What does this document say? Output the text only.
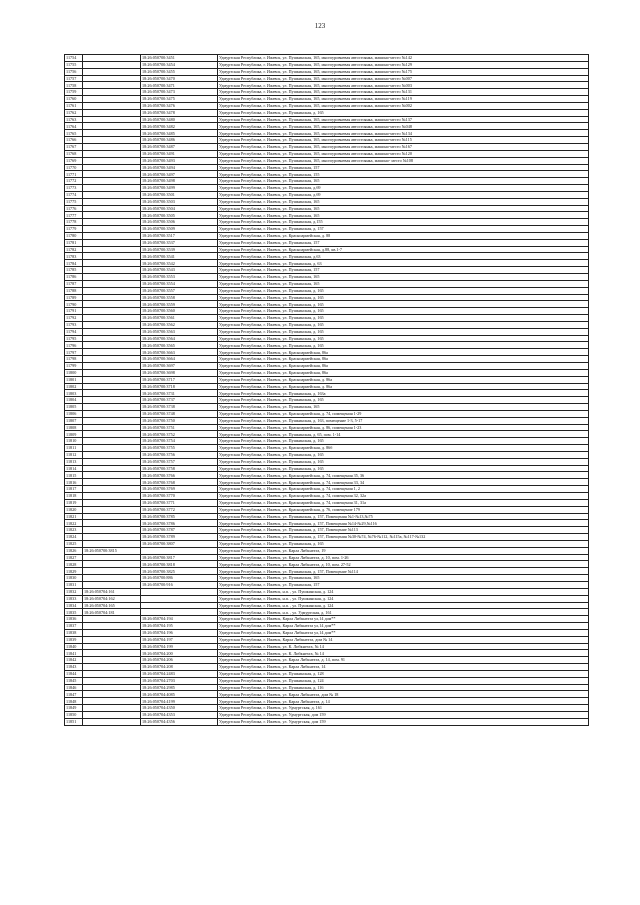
123
11754		18:26:050700:3451	Удмуртская Республика, г. Ижевск, ул. Пушкинская, 165, многоуровневая автостоянка, машино-место №142
11755		18:26:050700:3454	Удмуртская Республика, г. Ижевск, ул. Пушкинская, 165, многоуровневая автостоянка, машино-место №129
11756		18:26:050700:3455	Удмуртская Республика, г. Ижевск, ул. Пушкинская, 165, многоуровневая автостоянка, машино-место №175
11757		18:26:050700:3470	Удмуртская Республика, г. Ижевск, ул. Пушкинская, 165, многоуровневая автостоянка, машино-место №007
11758		18:26:050700:3471	Удмуртская Республика, г. Ижевск, ул. Пушкинская, 165, многоуровневая автостоянка, машино-место №003
11759		18:26:050700:3473	Удмуртская Республика, г. Ижевск, ул. Пушкинская, 165, многоуровневая автостоянка, машино-место №131
11760		18:26:050700:3475	Удмуртская Республика, г. Ижевск, ул. Пушкинская, 165, многоуровневая автостоянка, машино-место №119
11761		18:26:050700:3476	Удмуртская Республика, г. Ижевск, ул. Пушкинская, 165, многоуровневая автостоянка, машино-место №002
11762		18:26:050700:3478	Удмуртская Республика, г. Ижевск, ул. Пушкинская, д. 165
11763		18:26:050700:3480	Удмуртская Республика, г. Ижевск, ул. Пушкинская, 165, многоуровневая автостоянка, машино-место №137
11764		18:26:050700:3482	Удмуртская Республика, г. Ижевск, ул. Пушкинская, 165, многоуровневая автостоянка, машино-место №048
11765		18:26:050700:3485	Удмуртская Республика, г. Ижевск, ул. Пушкинская, 165, многоуровневая автостоянка, машино-место №134
11766		18:26:050700:3486	Удмуртская Республика, г. Ижевск, ул. Пушкинская, 165, многоуровневая автостоянка, машино-место №115
11767		18:26:050700:3487	Удмуртская Республика, г. Ижевск, ул. Пушкинская, 165, многоуровневая автостоянка, машино-место №167
11768		18:26:050700:3491	Удмуртская Республика, г. Ижевск, ул. Пушкинская, 165, многоуровневая автостоянка, машино-место №120
11769		18:26:050700:3493	Удмуртская Республика, г. Ижевск, ул. Пушкинская, 165, многоуровневая автостоянка, машино- место №108
11770		18:26:050700:3494	Удмуртская Республика, г. Ижевск, ул. Пушкинская, 157
11771		18:26:050700:3497	Удмуртская Республика, г. Ижевск, ул. Пушкинская, 155
11772		18:26:050700:3498	Удмуртская Республика, г. Ижевск, ул. Пушкинская, 165
11773		18:26:050700:3499	Удмуртская Республика, г. Ижевск, ул. Пушкинская, д.69
11774		18:26:050700:3501	Удмуртская Республика, г. Ижевск, ул. Пушкинская, д.69
11775		18:26:050700:3503	Удмуртская Республика, г. Ижевск, ул. Пушкинская, 165
11776		18:26:050700:3504	Удмуртская Республика, г. Ижевск, ул. Пушкинская, 165
11777		18:26:050700:3505	Удмуртская Республика, г. Ижевск, ул. Пушкинская, 165
11778		18:26:050700:3506	Удмуртская Республика, г. Ижевск, ул. Пушкинская, д.155
11779		18:26:050700:3509	Удмуртская Республика, г. Ижевск, ул. Пушкинская, д. 157
11780		18:26:050700:3517	Удмуртская Республика, г. Ижевск, ул. Красноармейская, д. 88
11781		18:26:050700:3537	Удмуртская Республика, г. Ижевск, ул. Пушкинская, 157
11782		18:26:050700:3539	Удмуртская Республика, г. Ижевск, ул. Красноармейская, д.88, кв.1-7
11783		18:26:050700:3541	Удмуртская Республика, г. Ижевск, ул. Пушкинская, д.63
11784		18:26:050700:3542	Удмуртская Республика, г. Ижевск, ул. Пушкинская, д. 63
11785		18:26:050700:3543	Удмуртская Республика, г. Ижевск, ул. Пушкинская, 157
11786		18:26:050700:3553	Удмуртская Республика, г. Ижевск, ул. Пушкинская, 165
11787		18:26:050700:3554	Удмуртская Республика, г. Ижевск, ул. Пушкинская, 165
11788		18:26:050700:3557	Удмуртская Республика, г. Ижевск, ул. Пушкинская, д. 165
11789		18:26:050700:3558	Удмуртская Республика, г. Ижевск, ул. Пушкинская, д. 165
11790		18:26:050700:3559	Удмуртская Республика, г. Ижевск, ул. Пушкинская, д. 165
11791		18:26:050700:3560	Удмуртская Республика, г. Ижевск, ул. Пушкинская, д. 165
11792		18:26:050700:3561	Удмуртская Республика, г. Ижевск, ул. Пушкинская, д. 165
11793		18:26:050700:3562	Удмуртская Республика, г. Ижевск, ул. Пушкинская, д. 165
11794		18:26:050700:3563	Удмуртская Республика, г. Ижевск, ул. Пушкинская, д. 165
11795		18:26:050700:3564	Удмуртская Республика, г. Ижевск, ул. Пушкинская, д. 165
11796		18:26:050700:3565	Удмуртская Республика, г. Ижевск, ул. Пушкинская, д. 165
11797		18:26:050700:3663	Удмуртская Республика, г. Ижевск, ул. Красноармейская, 86а
11798		18:26:050700:3664	Удмуртская Республика, г. Ижевск, ул. Красноармейская, 86а
11799		18:26:050700:3697	Удмуртская Республика, г. Ижевск, ул. Красноармейская, 86а
11800		18:26:050700:3698	Удмуртская Республика, г. Ижевск, ул. Красноармейская, 86а
11801		18:26:050700:3717	Удмуртская Республика, г. Ижевск, ул. Красноармейская, д. 86а
11802		18:26:050700:3718	Удмуртская Республика, г. Ижевск, ул. Красноармейская, д. 86а
11803		18:26:050700:3731	Удмуртская Республика, г. Ижевск, ул. Пушкинская, д. 163а
11804		18:26:050700:3737	Удмуртская Республика, г. Ижевск, ул. Пушкинская, д. 165
11805		18:26:050700:3738	Удмуртская Республика, г. Ижевск, ул. Пушкинская, 165
11806		18:26:050700:3748	Удмуртская Республика, г. Ижевск, ул. Красноармейская, д. 74, помещения 1-29
11807		18:26:050700:3750	Удмуртская Республика, г. Ижевск, ул. Пушкинская, д. 163, помещение 1-3, 5-17
11808		18:26:050700:3751	Удмуртская Республика, г. Ижевск, ул. Красноармейская, д. 86, помещения 1-23
11809		18:26:050700:3752	Удмуртская Республика, г. Ижевск, ул. Пушкинская, д. 65, пом. 1-14
11810		18:26:050700:3754	Удмуртская Республика, г. Ижевск, ул. Пушкинская, д. 165
11811		18:26:050700:3755	Удмуртская Республика, г. Ижевск, ул. Красноармейская, д. 86б
11812		18:26:050700:3756	Удмуртская Республика, г. Ижевск, ул. Пушкинская, д. 165
11813		18:26:050700:3757	Удмуртская Республика, г. Ижевск, ул. Пушкинская, д. 165
11814		18:26:050700:3758	Удмуртская Республика, г. Ижевск, ул. Пушкинская, д. 165
11815		18:26:050700:3766	Удмуртская Республика, г. Ижевск, ул. Красноармейская, д. 74, помещения 35, 36
11816		18:26:050700:3768	Удмуртская Республика, г. Ижевск, ул. Красноармейская, д. 74, помещения 33, 34
11817		18:26:050700:3769	Удмуртская Республика, г. Ижевск, ул. Красноармейская, д. 74, помещения 1, 2
11818		18:26:050700:3770	Удмуртская Республика, г. Ижевск, ул. Красноармейская, д. 74, помещения 32, 32а
11819		18:26:050700:3771	Удмуртская Республика, г. Ижевск, ул. Красноармейская, д. 74, помещения 31, 31а
11820		18:26:050700:3772	Удмуртская Республика, г. Ижевск, ул. Красноармейская, д. 76, помещение 179
11821		18:26:050700:3785	Удмуртская Республика, г. Ижевск, ул. Пушкинская, д. 157, Помещения №1-№13,№75
11822		18:26:050700:3786	Удмуртская Республика, г. Ижевск, ул. Пушкинская, д. 157, Помещения №14-№29,№116
11823		18:26:050700:3787	Удмуртская Республика, г. Ижевск, ул. Пушкинская, д. 157, Помещение №113
11824		18:26:050700:3789	Удмуртская Республика, г. Ижевск, ул. Пушкинская, д. 157, Помещения №30-№74, №76-№112, №115а, №117-№132
11825		18:26:050700:3807	Удмуртская Республика, г. Ижевск, ул. Пушкинская, д. 165
11826	18:26:050700:3815		Удмуртская Республика, г. Ижевск, ул. Карла Либкнехта, 19
11827		18:26:050700:3817	Удмуртская Республика, г. Ижевск, ул. Карла Либкнехта, д. 10, пом. 1-26
11828		18:26:050700:3818	Удмуртская Республика, г. Ижевск, ул. Карла Либкнехта, д. 10, пом. 27-52
11829		18:26:050700:3825	Удмуртская Республика, г. Ижевск, ул. Пушкинская, д. 157, Помещение №114
11830		18:26:050700:886	Удмуртская Республика, г. Ижевск, ул. Пушкинская, 165
11831		18:26:050700:916	Удмуртская Республика, г. Ижевск, ул. Пушкинская, 157
11832	18:26:050704:161		Удмуртская Республика, г. Ижевск, н.п. , ул. Пушкинская, д. 124
11833	18:26:050704:162		Удмуртская Республика, г. Ижевск, н.п. , ул. Пушкинская, д. 124
11834	18:26:050704:165		Удмуртская Республика, г. Ижевск, н.п. , ул. Пушкинская, д. 124
11835	18:26:050704:181		Удмуртская Республика, г. Ижевск, н.п. , ул. Удмуртская, д. 161
11836		18:26:050704:194	Удмуртская Республика, г. Ижевск, Карла Либкнехта ул,14 дом**
11837		18:26:050704:195	Удмуртская Республика, г. Ижевск, Карла Либкнехта ул,14 дом**
11838		18:26:050704:196	Удмуртская Республика, г. Ижевск, Карла Либкнехта ул,14 дом**
11839		18:26:050704:197	Удмуртская Республика, г. Ижевск, Карла Либкнехта, дом № 14
11840		18:26:050704:199	Удмуртская Республика, г. Ижевск, ул. К. Либкнехта, № 14
11841		18:26:050704:200	Удмуртская Республика, г. Ижевск, ул. К. Либкнехта, № 14
11842		18:26:050704:206	Удмуртская Республика, г. Ижевск, ул. Карла Либкнехта, д. 14, пом. 91
11843		18:26:050704:208	Удмуртская Республика, г. Ижевск, ул. Карла Либкнехта, 14
11844		18:26:050704:2483	Удмуртская Республика, г. Ижевск, ул. Пушкинская, д. 128
11845		18:26:050704:2703	Удмуртская Республика, г. Ижевск, ул. Пушкинская, д. 124
11846		18:26:050704:2985	Удмуртская Республика, г. Ижевск, ул. Пушкинская, д. 116
11847		18:26:050704:4085	Удмуртская Республика, г. Ижевск, ул. Карла Либкнехта, дом № 18
11848		18:26:050704:4199	Удмуртская Республика, г. Ижевск, ул. Карла Либкнехта, д. 14
11849		18:26:050704:4350	Удмуртская Республика, г. Ижевск, ул. Удмуртская, д. 161
11850		18:26:050704:4353	Удмуртская Республика, г. Ижевск, ул. Удмуртская, дом 159
11851		18:26:050704:4356	Удмуртская Республика, г. Ижевск, ул. Удмуртская, дом 159
